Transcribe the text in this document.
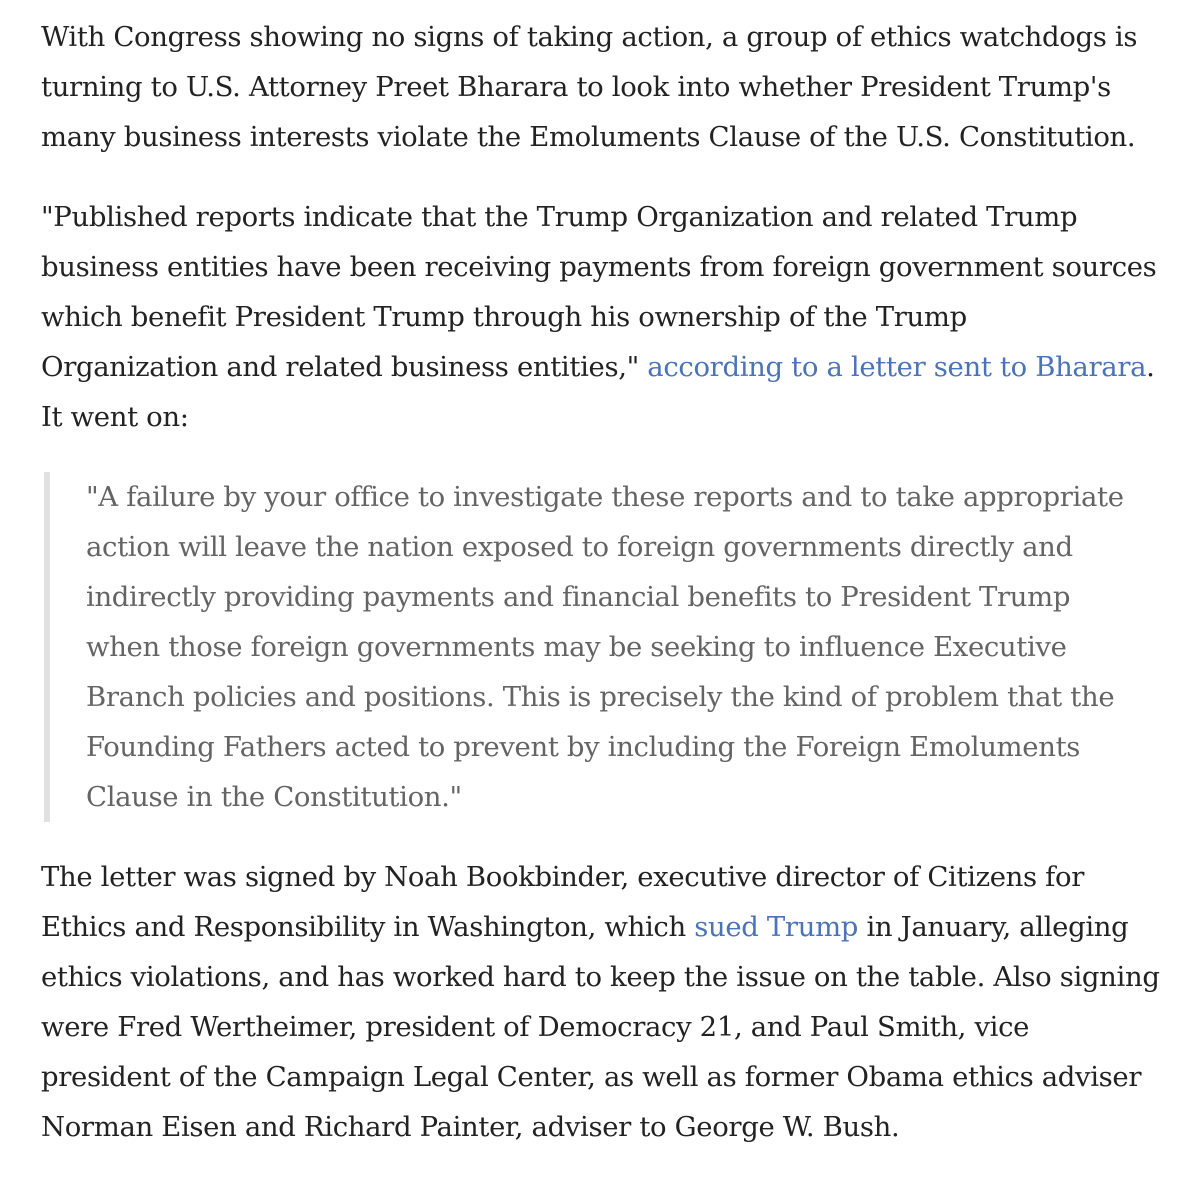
With Congress showing no signs of taking action, a group of ethics watchdogs is
turning to U.S. Attorney Preet Bharara to look into whether President Trump's
many business interests violate the Emoluments Clause of the U.S. Constitution.

"Published reports indicate that the Trump Organization and related Trump
business entities have been receiving payments from foreign government sources
which benefit President Trump through his ownership of the Trump
Organization and related business entities," according to a letter sent to Bharara.
It went on:

"A failure by your office to investigate these reports and to take appropriate
action will leave the nation exposed to foreign governments directly and
indirectly providing payments and financial benefits to President Trump
when those foreign governments may be seeking to influence Executive
Branch policies and positions. This is precisely the kind of problem that the
Founding Fathers acted to prevent by including the Foreign Emoluments
Clause in the Constitution."

The letter was signed by Noah Bookbinder, executive director of Citizens for
Ethics and Responsibility in Washington, which sued Trump in January, alleging
ethics violations, and has worked hard to keep the issue on the table. Also signing
were Fred Wertheimer, president of Democracy 21, and Paul Smith, vice
president of the Campaign Legal Center, as well as former Obama ethics adviser
Norman Eisen and Richard Painter, adviser to George W. Bush.
